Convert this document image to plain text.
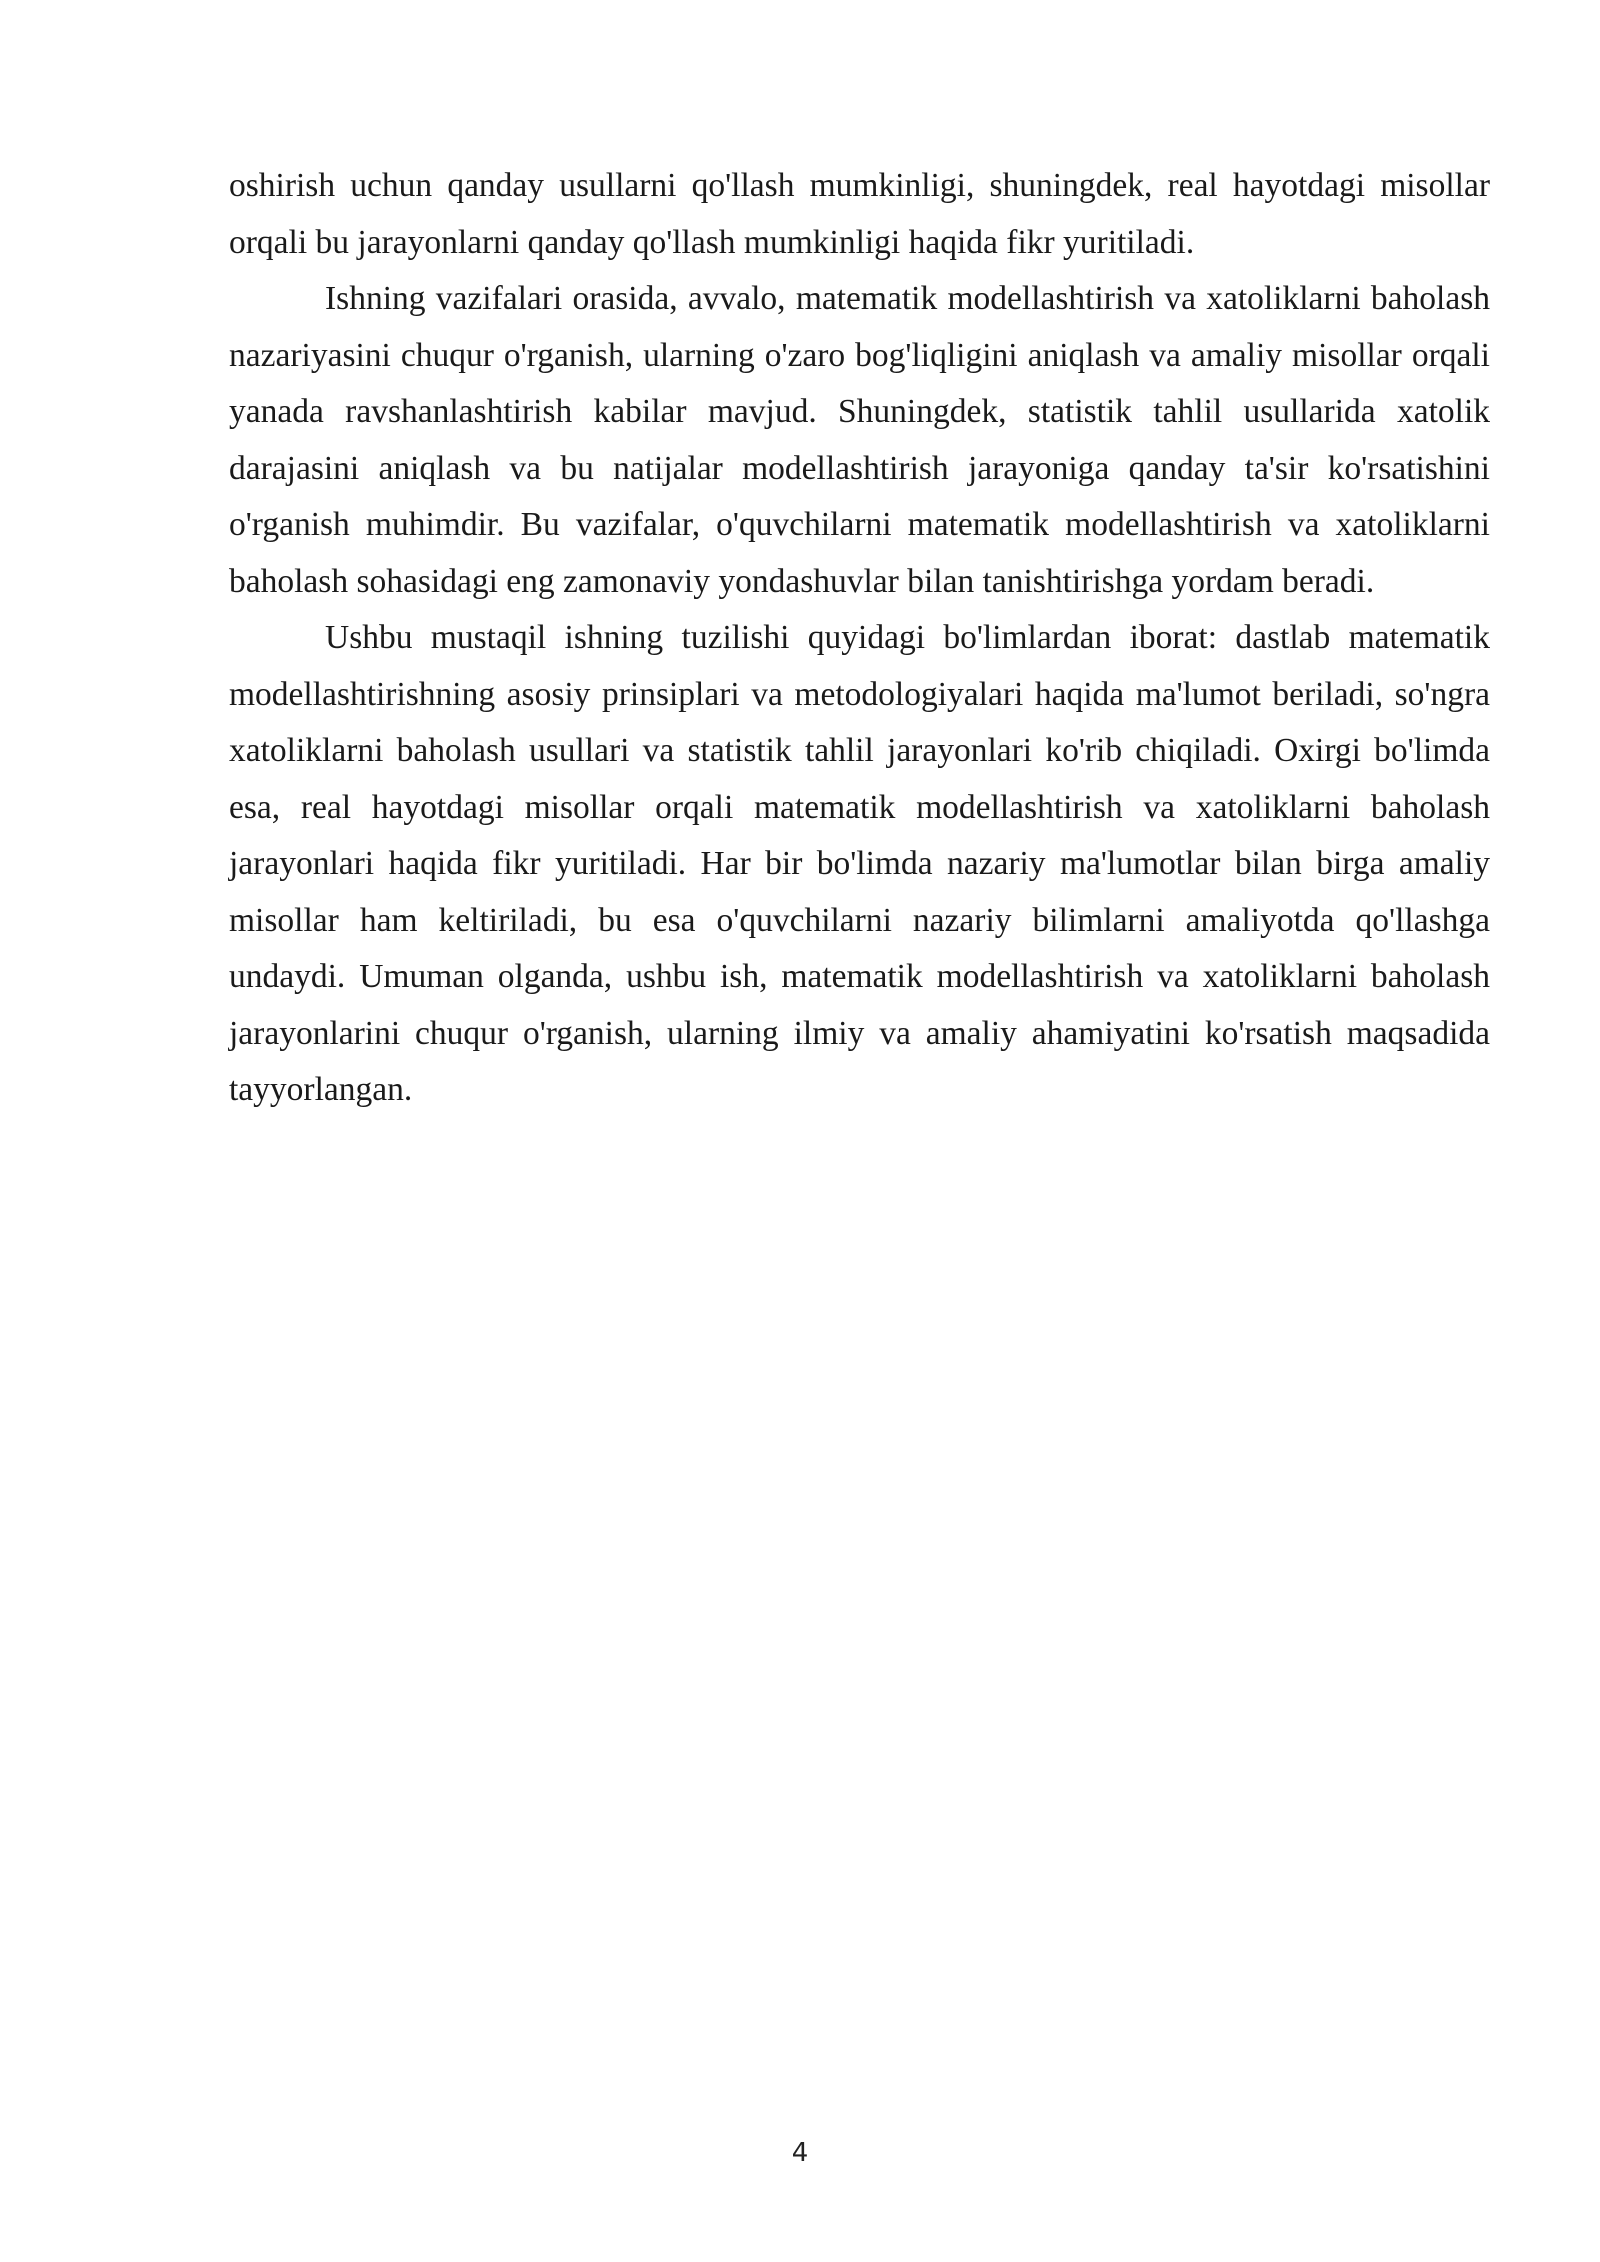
oshirish uchun qanday usullarni qo'llash mumkinligi, shuningdek, real hayotdagi misollar orqali bu jarayonlarni qanday qo'llash mumkinligi haqida fikr yuritiladi.

Ishning vazifalari orasida, avvalo, matematik modellashtirish va xatoliklarni baholash nazariyasini chuqur o'rganish, ularning o'zaro bog'liqligini aniqlash va amaliy misollar orqali yanada ravshanlashtirish kabilar mavjud. Shuningdek, statistik tahlil usullarida xatolik darajasini aniqlash va bu natijalar modellashtirish jarayoniga qanday ta'sir ko'rsatishini o'rganish muhimdir. Bu vazifalar, o'quvchilarni matematik modellashtirish va xatoliklarni baholash sohasidagi eng zamonaviy yondashuvlar bilan tanishtirishga yordam beradi.

Ushbu mustaqil ishning tuzilishi quyidagi bo'limlardan iborat: dastlab matematik modellashtirishning asosiy prinsiplari va metodologiyalari haqida ma'lumot beriladi, so'ngra xatoliklarni baholash usullari va statistik tahlil jarayonlari ko'rib chiqiladi. Oxirgi bo'limda esa, real hayotdagi misollar orqali matematik modellashtirish va xatoliklarni baholash jarayonlari haqida fikr yuritiladi. Har bir bo'limda nazariy ma'lumotlar bilan birga amaliy misollar ham keltiriladi, bu esa o'quvchilarni nazariy bilimlarni amaliyotda qo'llashga undaydi. Umuman olganda, ushbu ish, matematik modellashtirish va xatoliklarni baholash jarayonlarini chuqur o'rganish, ularning ilmiy va amaliy ahamiyatini ko'rsatish maqsadida tayyorlangan.

4
